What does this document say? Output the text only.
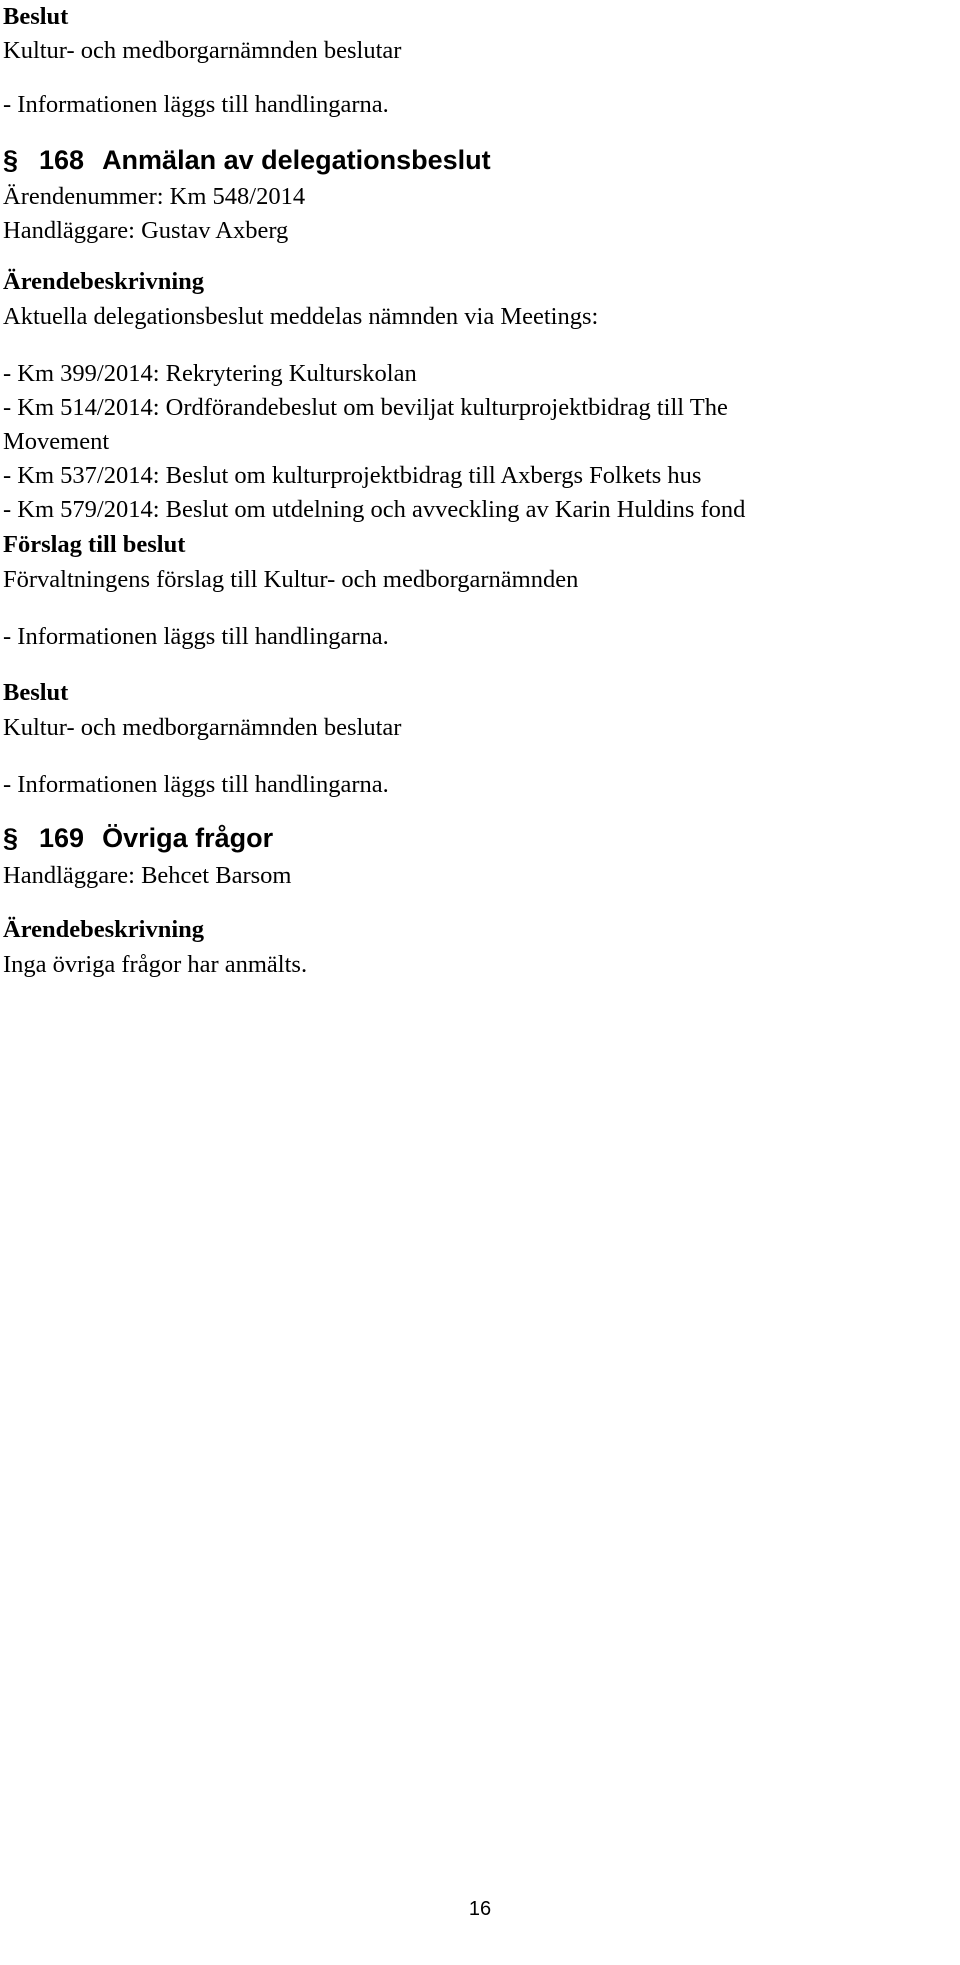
Beslut

Kultur- och medborgarnämnden beslutar

- Informationen läggs till handlingarna.

§ 168 Anmälan av delegationsbeslut

Ärendenummer: Km 548/2014

Handläggare: Gustav Axberg

Ärendebeskrivning

Aktuella delegationsbeslut meddelas nämnden via Meetings:

- Km 399/2014: Rekrytering Kulturskolan

- Km 514/2014: Ordförandebeslut om beviljat kulturprojektbidrag till The

Movement

- Km 537/2014: Beslut om kulturprojektbidrag till Axbergs Folkets hus

- Km 579/2014: Beslut om utdelning och avveckling av Karin Huldins fond

Förslag till beslut

Förvaltningens förslag till Kultur- och medborgarnämnden

- Informationen läggs till handlingarna.

Beslut

Kultur- och medborgarnämnden beslutar

- Informationen läggs till handlingarna.

§ 169 Övriga frågor

Handläggare: Behcet Barsom

Ärendebeskrivning

Inga övriga frågor har anmälts.

16
